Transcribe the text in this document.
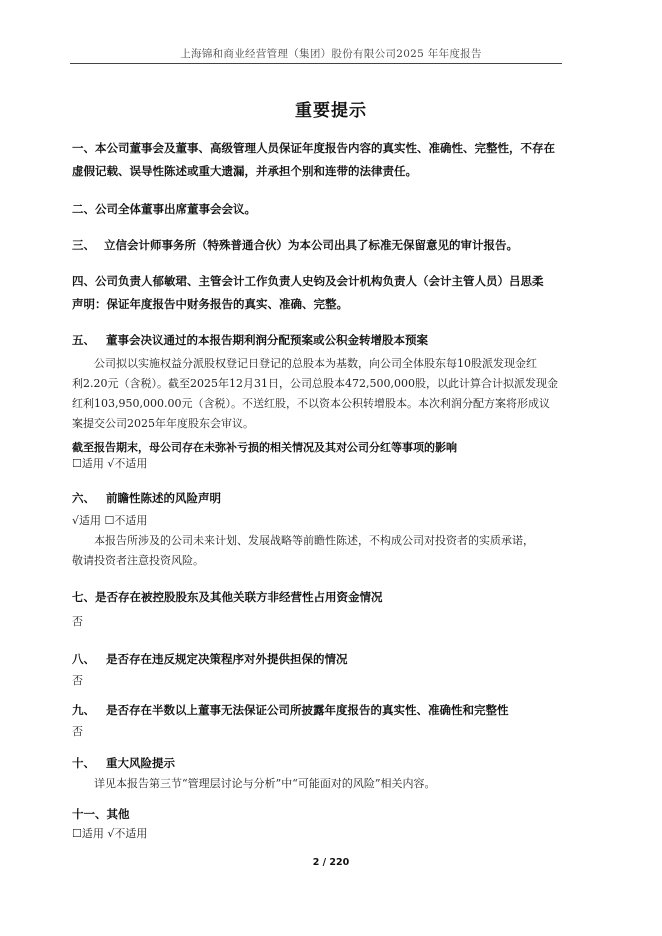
上海锦和商业经营管理（集团）股份有限公司2025 年年度报告
重要提示
一、本公司董事会及董事、高级管理人员保证年度报告内容的真实性、准确性、完整性，不存在
虚假记载、误导性陈述或重大遗漏，并承担个别和连带的法律责任。
二、公司全体董事出席董事会会议。
三、 立信会计师事务所（特殊普通合伙）为本公司出具了标准无保留意见的审计报告。
四、公司负责人郁敏珺、主管会计工作负责人史钧及会计机构负责人（会计主管人员）吕思柔
声明：保证年度报告中财务报告的真实、准确、完整。
五、 董事会决议通过的本报告期利润分配预案或公积金转增股本预案
公司拟以实施权益分派股权登记日登记的总股本为基数，向公司全体股东每10股派发现金红
利2.20元（含税）。截至2025年12月31日，公司总股本472,500,000股，以此计算合计拟派发现金
红利103,950,000.00元（含税）。不送红股，不以资本公积转增股本。本次利润分配方案将形成议
案提交公司2025年年度股东会审议。
截至报告期末，母公司存在未弥补亏损的相关情况及其对公司分红等事项的影响
☐适用 √不适用
六、 前瞻性陈述的风险声明
√适用 ☐不适用
本报告所涉及的公司未来计划、发展战略等前瞻性陈述，不构成公司对投资者的实质承诺，
敬请投资者注意投资风险。
七、是否存在被控股股东及其他关联方非经营性占用资金情况
否
八、 是否存在违反规定决策程序对外提供担保的情况
否
九、 是否存在半数以上董事无法保证公司所披露年度报告的真实性、准确性和完整性
否
十、 重大风险提示
详见本报告第三节“管理层讨论与分析”中“可能面对的风险”相关内容。
十一、其他
☐适用 √不适用
2 / 220
